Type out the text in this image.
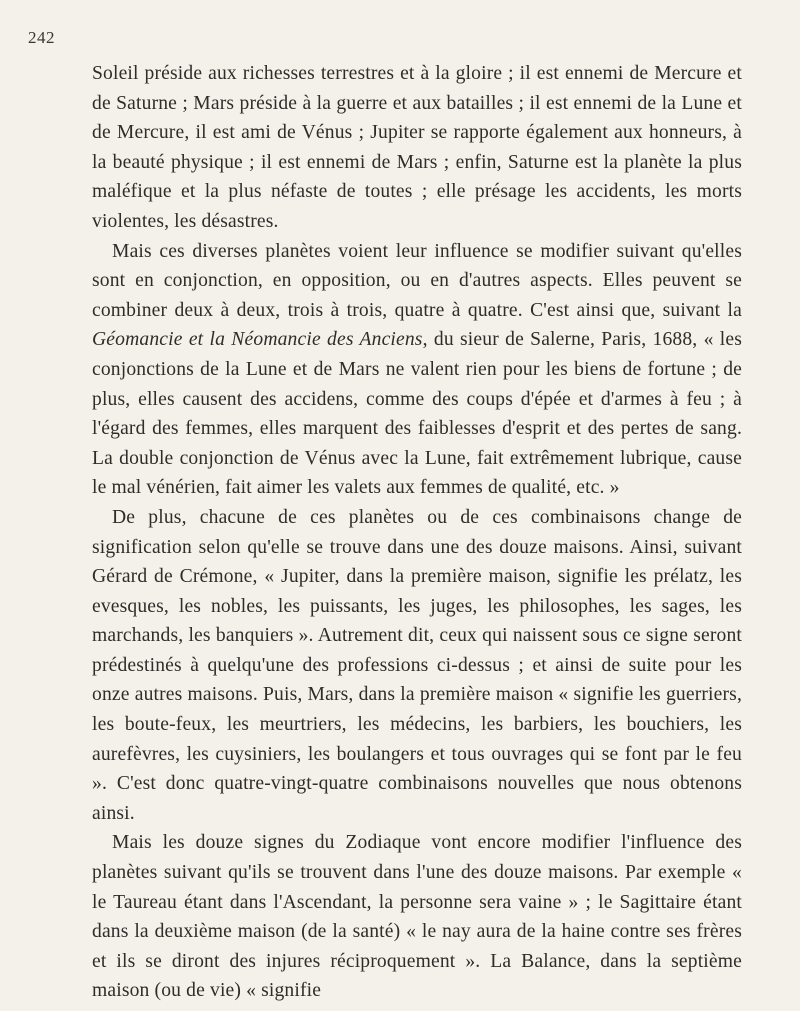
242

Soleil préside aux richesses terrestres et à la gloire ; il est ennemi de Mercure et de Saturne ; Mars préside à la guerre et aux batailles ; il est ennemi de la Lune et de Mercure, il est ami de Vénus ; Jupiter se rapporte également aux honneurs, à la beauté physique ; il est ennemi de Mars ; enfin, Saturne est la planète la plus maléfique et la plus néfaste de toutes ; elle présage les accidents, les morts violentes, les désastres.

Mais ces diverses planètes voient leur influence se modifier suivant qu'elles sont en conjonction, en opposition, ou en d'autres aspects. Elles peuvent se combiner deux à deux, trois à trois, quatre à quatre. C'est ainsi que, suivant la Géomancie et la Néomancie des Anciens, du sieur de Salerne, Paris, 1688, « les conjonctions de la Lune et de Mars ne valent rien pour les biens de fortune ; de plus, elles causent des accidens, comme des coups d'épée et d'armes à feu ; à l'égard des femmes, elles marquent des faiblesses d'esprit et des pertes de sang. La double conjonction de Vénus avec la Lune, fait extrêmement lubrique, cause le mal vénérien, fait aimer les valets aux femmes de qualité, etc. »

De plus, chacune de ces planètes ou de ces combinaisons change de signification selon qu'elle se trouve dans une des douze maisons. Ainsi, suivant Gérard de Crémone, « Jupiter, dans la première maison, signifie les prélatz, les evesques, les nobles, les puissants, les juges, les philosophes, les sages, les marchands, les banquiers ». Autrement dit, ceux qui naissent sous ce signe seront prédestinés à quelqu'une des professions ci-dessus ; et ainsi de suite pour les onze autres maisons. Puis, Mars, dans la première maison « signifie les guerriers, les boute-feux, les meurtriers, les médecins, les barbiers, les bouchiers, les aurefèvres, les cuysiniers, les boulangers et tous ouvrages qui se font par le feu ». C'est donc quatre-vingt-quatre combinaisons nouvelles que nous obtenons ainsi.

Mais les douze signes du Zodiaque vont encore modifier l'influence des planètes suivant qu'ils se trouvent dans l'une des douze maisons. Par exemple « le Taureau étant dans l'Ascendant, la personne sera vaine » ; le Sagittaire étant dans la deuxième maison (de la santé) « le nay aura de la haine contre ses frères et ils se diront des injures réciproquement ». La Balance, dans la septième maison (ou de vie) « signifie
